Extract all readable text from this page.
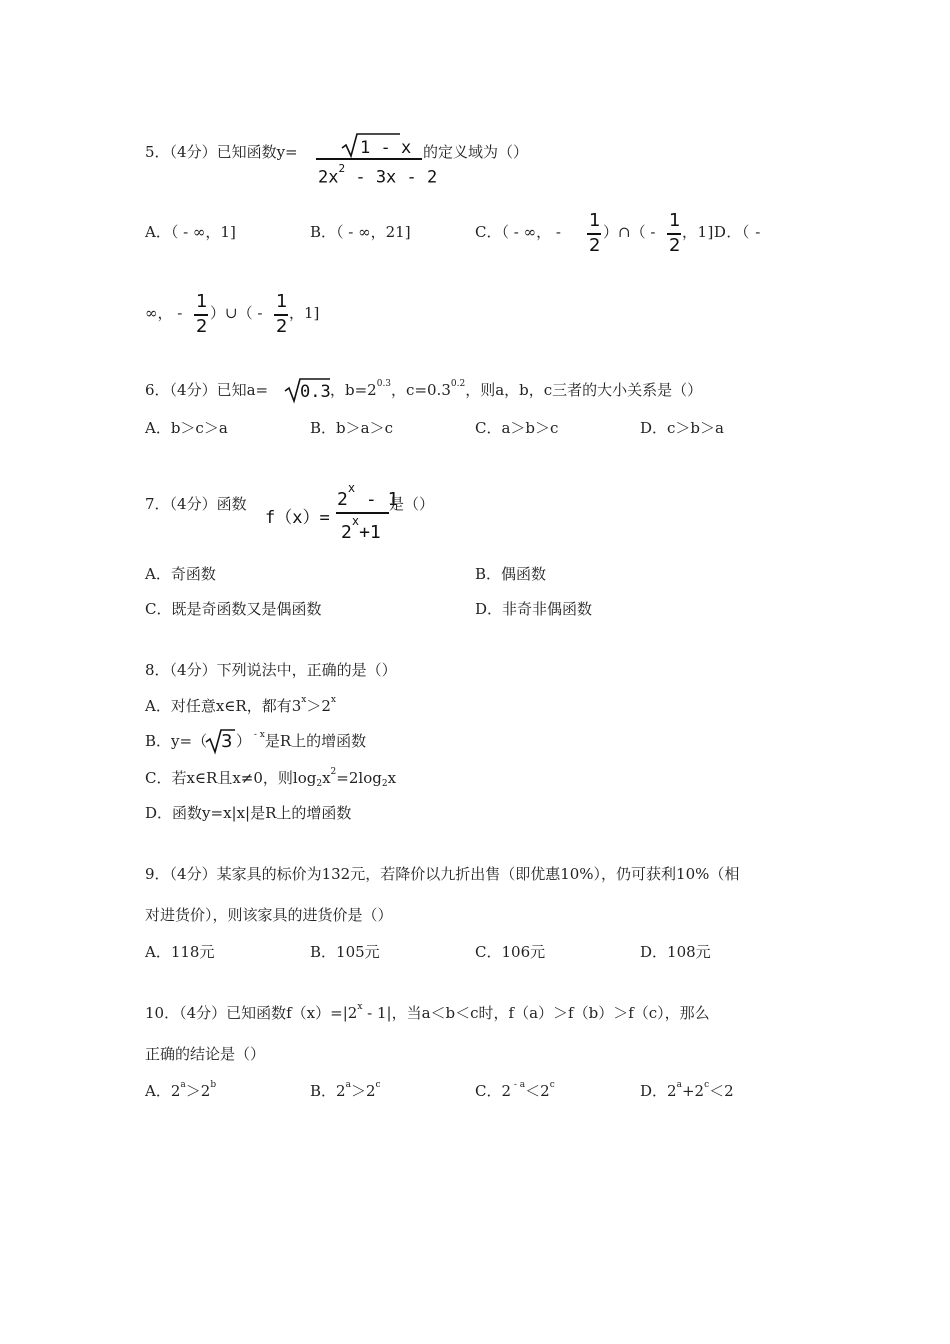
5．（4分）已知函数y=	1 - x
$2x^2 - 3x - 2$
的定义域为（）
A．（ - ∞，1]	B．（ - ∞，21]	C．（ - ∞， -
1
2
）∩（ -
1
2
，1]D．（ -
∞， -
1
2
）∪（ -
1
2
，1]
6．（4分）已知a= 0.3 ，$b=2^{0.3}$，$c=0.3^{0.2}$，则a，b，c三者的大小关系是（）
A．b＞c＞a	B．b＞a＞c	C．a＞b＞c	D．c＞b＞a
7．（4分）函数
f（x）=
$2^x - 1$
$2^x+1$
是（）
A．奇函数	B．偶函数
C．既是奇函数又是偶函数	D．非奇非偶函数
8．（4分）下列说法中，正确的是（）
A．对任意x∈R，都有$3^x>2^x$
B．y=（ 3 ） $^{- x}$是R上的增函数
C．若x∈R且x≠0，则$\log_2x^2=2\log_2x$
D．函数y=x|x|是R上的增函数
9．（4分）某家具的标价为132元，若降价以九折出售（即优惠10%），仍可获利10%（相
对进货价），则该家具的进货价是（）
A．118元	B．105元	C．106元	D．108元
10．（4分）已知函数$f(x)=|2^x - 1|$，当a＜b＜c时，f（a）＞f（b）＞f（c），那么
正确的结论是（）
A．$2^a>2^b$	B．$2^a>2^c$	C．2 $^{- a}<2^c$	D．$2^a+2^c<2$
